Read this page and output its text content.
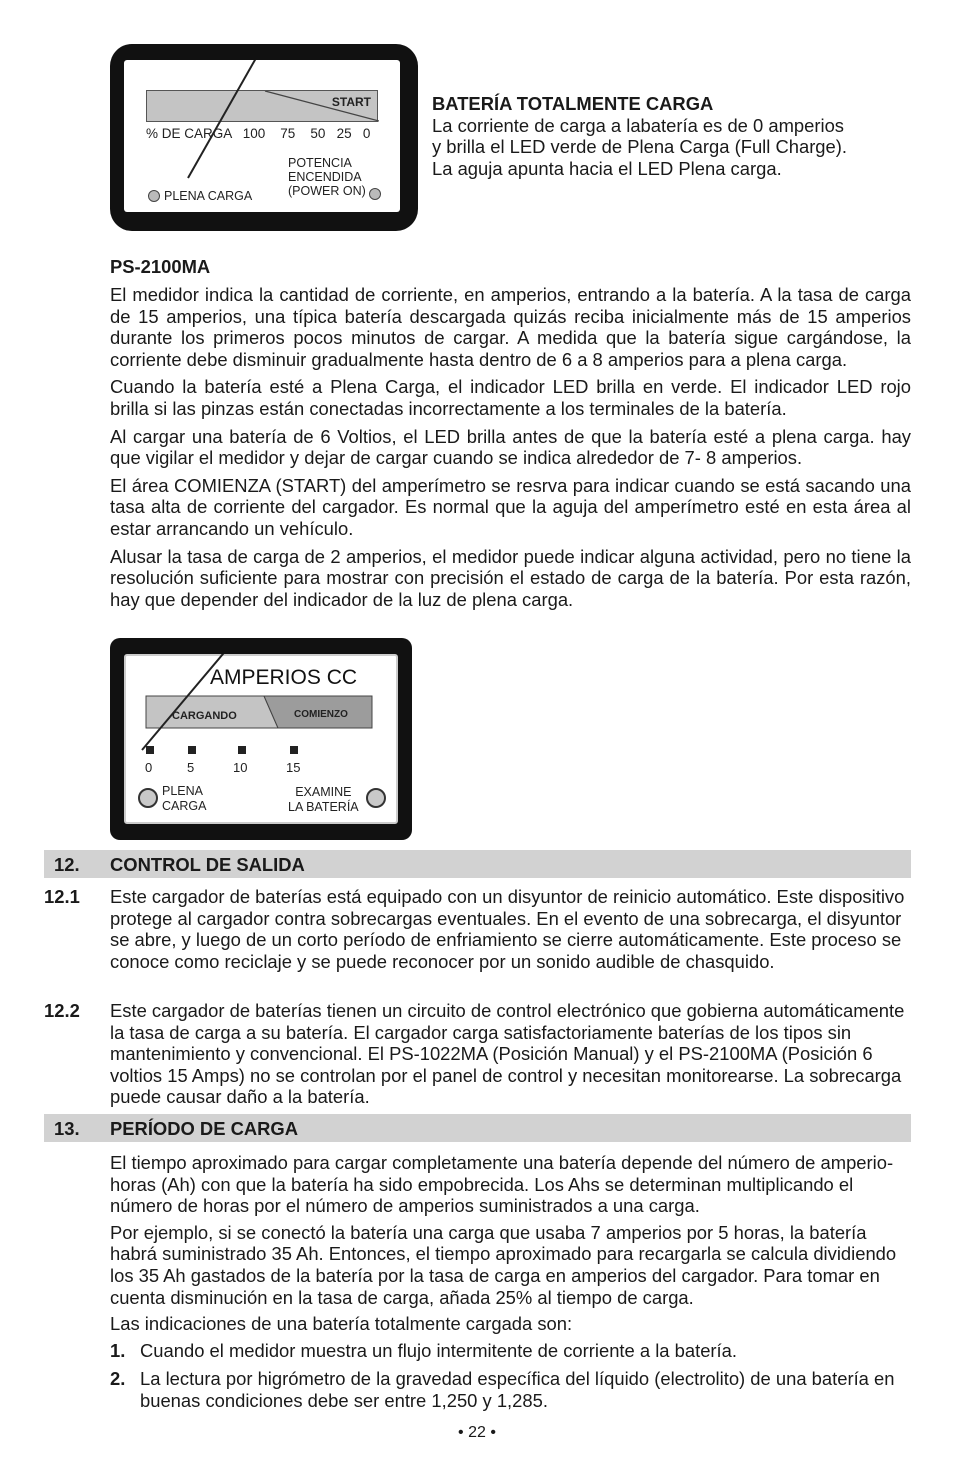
START
% DE CARGA   100    75    50   25   0
POTENCIA
ENCENDIDA
(POWER ON)
PLENA CARGA

BATERÍA TOTALMENTE CARGA

La corriente de carga a labatería es de 0 amperios

y brilla el LED verde de Plena Carga (Full Charge).

La aguja apunta hacia el LED Plena carga.

PS-2100MA

El medidor indica la cantidad de corriente, en amperios, entrando a la batería. A la tasa de carga de 15 amperios, una típica batería descargada quizás reciba inicialmente más de 15 amperios durante los primeros pocos minutos de cargar. A medida que la batería sigue cargándose, la corriente debe disminuir gradualmente hasta dentro de 6 a 8 amperios para a plena carga.

Cuando la batería esté a Plena Carga, el indicador LED brilla en verde. El indicador LED rojo brilla si las pinzas están conectadas incorrectamente a los terminales de la batería.

Al cargar una batería de 6 Voltios, el LED brilla antes de que la batería esté a plena carga. hay que vigilar el medidor y dejar de cargar cuando se indica alrededor de 7- 8 amperios.

El área COMIENZA (START) del amperímetro se resrva para indicar cuando se está sacando una tasa alta de corriente del cargador. Es normal que la aguja del amperímetro esté en esta área al estar arrancando un vehículo.

Alusar la tasa de carga de 2 amperios, el medidor puede indicar alguna actividad, pero no tiene la resolución suficiente para mostrar con precisión el estado de carga de la batería. Por esta razón, hay que depender del indicador de la luz de plena carga.

AMPERIOS CC
CARGANDO	COMIENZO
0	5	10	15
PLENA
CARGA
EXAMINE
LA BATERÍA
12. CONTROL DE SALIDA
12.1 Este cargador de baterías está equipado con un disyuntor de reinicio automático. Este dispositivo protege al cargador contra sobrecargas eventuales. En el evento de una sobrecarga, el disyuntor se abre, y luego de un corto período de enfriamiento se cierre automáticamente. Este proceso se conoce como reciclaje y se puede reconocer por un sonido audible de chasquido.

12.2 Este cargador de baterías tienen un circuito de control electrónico que gobierna automáticamente la tasa de carga a su batería. El cargador carga satisfactoriamente baterías de los tipos sin mantenimiento y convencional. El PS-1022MA (Posición Manual) y el PS-2100MA (Posición 6 voltios 15 Amps) no se controlan por el panel de control y necesitan monitorearse. La sobrecarga puede causar daño a la batería.

13. PERÍODO DE CARGA

El tiempo aproximado para cargar completamente una batería depende del número de amperio-horas (Ah) con que la batería ha sido empobrecida. Los Ahs se determinan multiplicando el número de horas por el número de amperios suministrados a una carga.

Por ejemplo, si se conectó la batería una carga que usaba 7 amperios por 5 horas, la batería habrá suministrado 35 Ah. Entonces, el tiempo aproximado para recargarla se calcula dividiendo los 35 Ah gastados de la batería por la tasa de carga en amperios del cargador. Para tomar en cuenta disminución en la tasa de carga, añada 25% al tiempo de carga.

Las indicaciones de una batería totalmente cargada son:

1. Cuando el medidor muestra un flujo intermitente de corriente a la batería.

2. La lectura por higrómetro de la gravedad específica del líquido (electrolito) de una batería en buenas condiciones debe ser entre 1,250 y 1,285.

• 22 •
